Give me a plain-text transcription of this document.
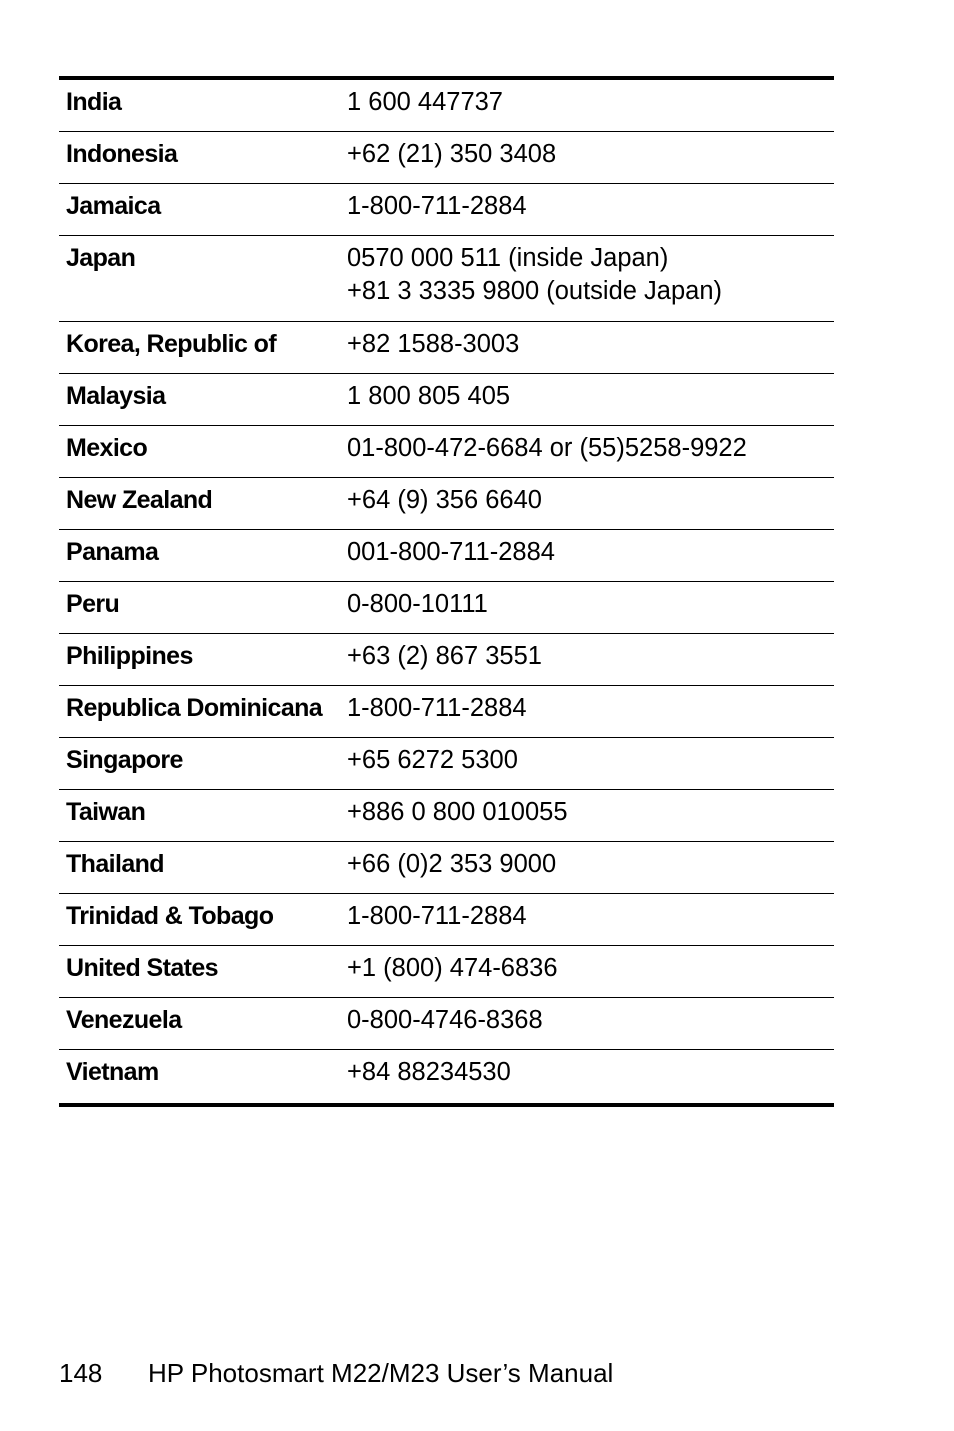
India	1 600 447737
Indonesia	+62 (21) 350 3408
Jamaica	1-800-711-2884
Japan	0570 000 511 (inside Japan)
+81 3 3335 9800 (outside Japan)
Korea, Republic of	+82 1588-3003
Malaysia	1 800 805 405
Mexico	01-800-472-6684 or (55)5258-9922
New Zealand	+64 (9) 356 6640
Panama	001-800-711-2884
Peru	0-800-10111
Philippines	+63 (2) 867 3551
Republica Dominicana 1-800-711-2884
Singapore	+65 6272 5300
Taiwan	+886 0 800 010055
Thailand	+66 (0)2 353 9000
Trinidad & Tobago	1-800-711-2884
United States	+1 (800) 474-6836
Venezuela	0-800-4746-8368
Vietnam	+84 88234530
148 HP Photosmart M22/M23 User’s Manual
